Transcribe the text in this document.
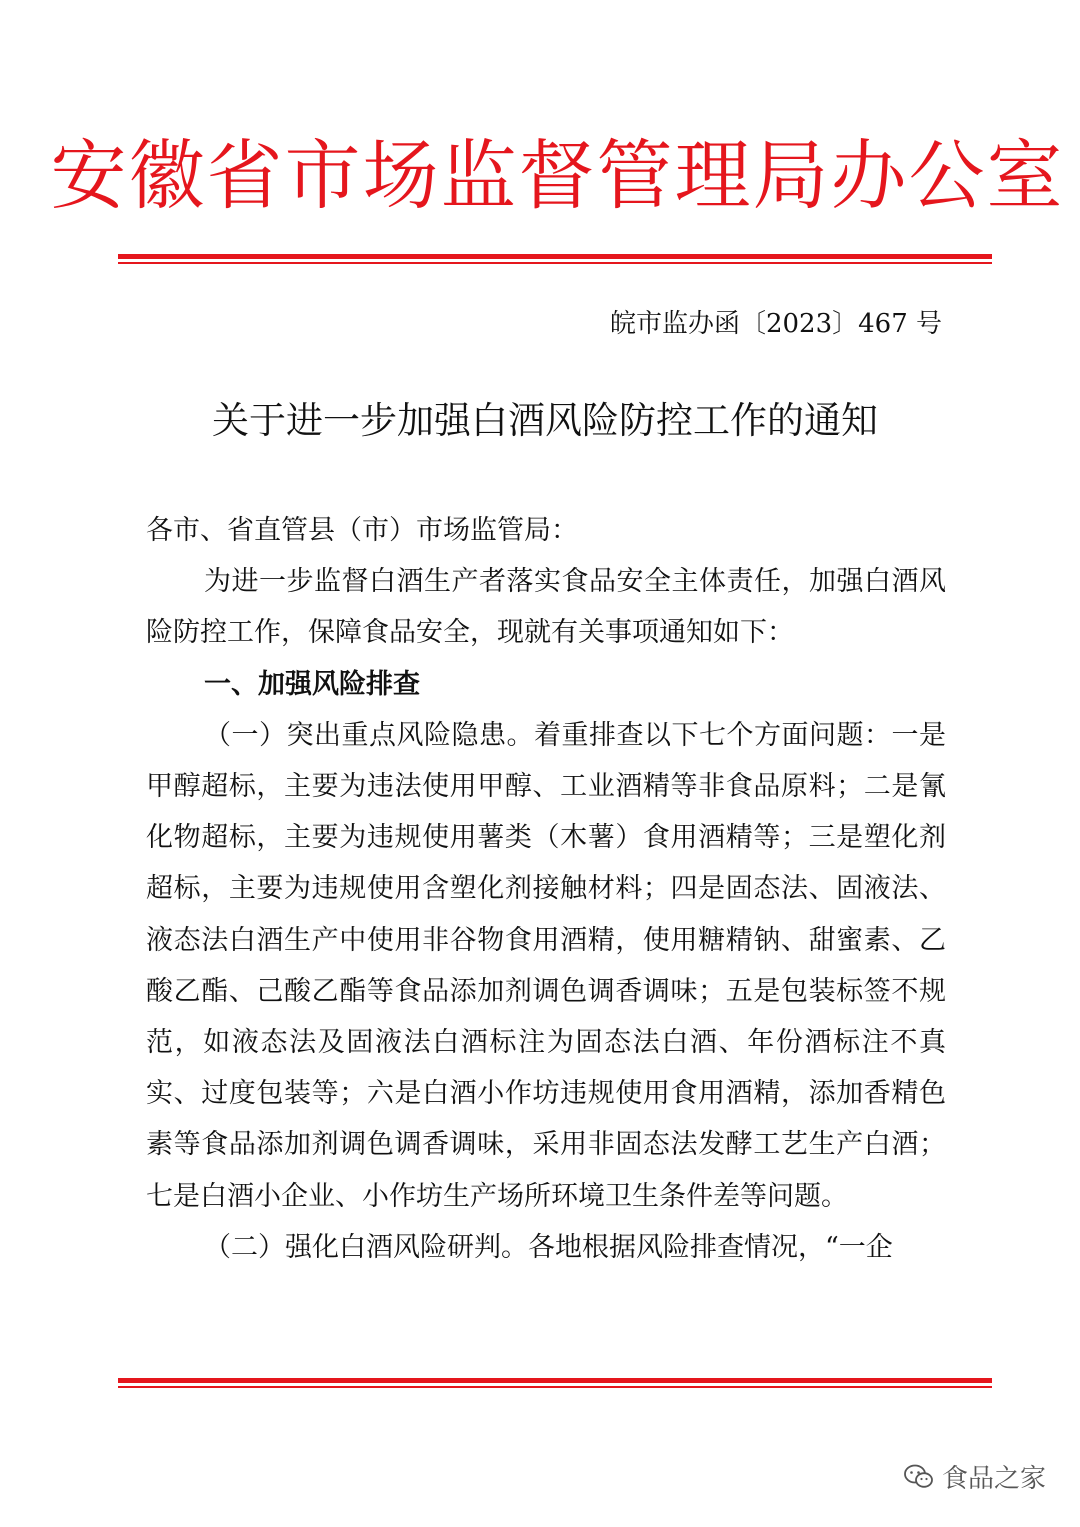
安徽省市场监督管理局办公室
皖市监办函〔2023〕467 号
关于进一步加强白酒风险防控工作的通知

各市、省直管县（市）市场监管局：

为进一步监督白酒生产者落实食品安全主体责任，加强白酒风险防控工作，保障食品安全，现就有关事项通知如下：

一、加强风险排查

（一）突出重点风险隐患。着重排查以下七个方面问题：一是甲醇超标，主要为违法使用甲醇、工业酒精等非食品原料；二是氰化物超标，主要为违规使用薯类（木薯）食用酒精等；三是塑化剂超标，主要为违规使用含塑化剂接触材料；四是固态法、固液法、液态法白酒生产中使用非谷物食用酒精，使用糖精钠、甜蜜素、乙酸乙酯、己酸乙酯等食品添加剂调色调香调味；五是包装标签不规范，如液态法及固液法白酒标注为固态法白酒、年份酒标注不真实、过度包装等；六是白酒小作坊违规使用食用酒精，添加香精色素等食品添加剂调色调香调味，采用非固态法发酵工艺生产白酒；七是白酒小企业、小作坊生产场所环境卫生条件差等问题。

（二）强化白酒风险研判。各地根据风险排查情况，“一企

食品之家
